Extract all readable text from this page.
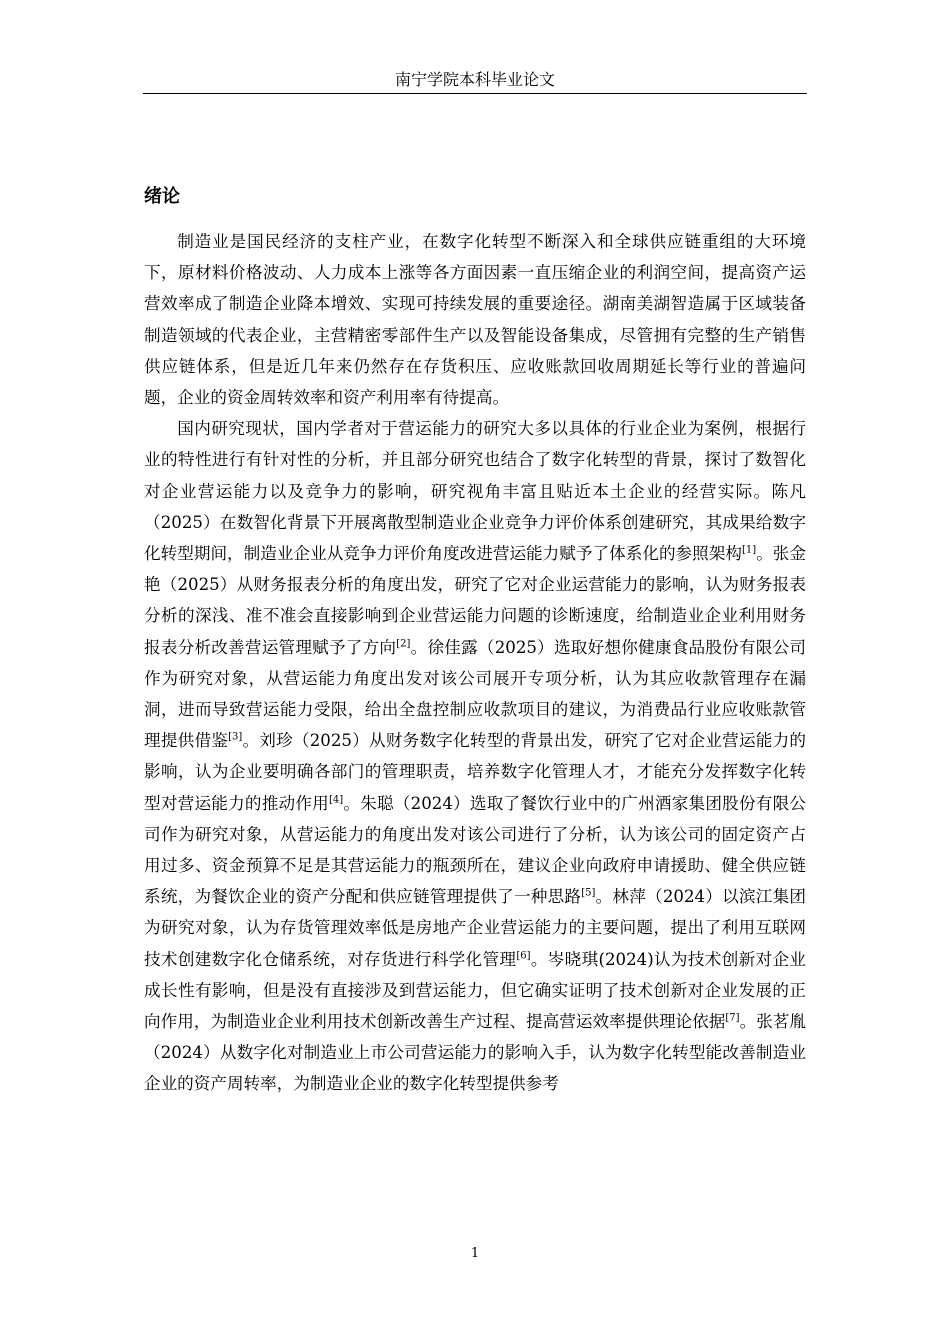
南宁学院本科毕业论文
绪论

制造业是国民经济的支柱产业，在数字化转型不断深入和全球供应链重组的大环境下，原材料价格波动、人力成本上涨等各方面因素一直压缩企业的利润空间，提高资产运营效率成了制造企业降本增效、实现可持续发展的重要途径。湖南美湖智造属于区域装备制造领域的代表企业，主营精密零部件生产以及智能设备集成，尽管拥有完整的生产销售供应链体系，但是近几年来仍然存在存货积压、应收账款回收周期延长等行业的普遍问题，企业的资金周转效率和资产利用率有待提高。

国内研究现状，国内学者对于营运能力的研究大多以具体的行业企业为案例，根据行业的特性进行有针对性的分析，并且部分研究也结合了数字化转型的背景，探讨了数智化对企业营运能力以及竞争力的影响，研究视角丰富且贴近本土企业的经营实际。陈凡（2025）在数智化背景下开展离散型制造业企业竞争力评价体系创建研究，其成果给数字化转型期间，制造业企业从竞争力评价角度改进营运能力赋予了体系化的参照架构[1]。张金艳（2025）从财务报表分析的角度出发，研究了它对企业运营能力的影响，认为财务报表分析的深浅、准不准会直接影响到企业营运能力问题的诊断速度，给制造业企业利用财务报表分析改善营运管理赋予了方向[2]。徐佳露（2025）选取好想你健康食品股份有限公司作为研究对象，从营运能力角度出发对该公司展开专项分析，认为其应收款管理存在漏洞，进而导致营运能力受限，给出全盘控制应收款项目的建议，为消费品行业应收账款管理提供借鉴[3]。刘珍（2025）从财务数字化转型的背景出发，研究了它对企业营运能力的影响，认为企业要明确各部门的管理职责，培养数字化管理人才，才能充分发挥数字化转型对营运能力的推动作用[4]。朱聪（2024）选取了餐饮行业中的广州酒家集团股份有限公司作为研究对象，从营运能力的角度出发对该公司进行了分析，认为该公司的固定资产占用过多、资金预算不足是其营运能力的瓶颈所在，建议企业向政府申请援助、健全供应链系统，为餐饮企业的资产分配和供应链管理提供了一种思路[5]。林萍（2024）以滨江集团为研究对象，认为存货管理效率低是房地产企业营运能力的主要问题，提出了利用互联网技术创建数字化仓储系统，对存货进行科学化管理[6]。岑晓琪(2024)认为技术创新对企业成长性有影响，但是没有直接涉及到营运能力，但它确实证明了技术创新对企业发展的正向作用，为制造业企业利用技术创新改善生产过程、提高营运效率提供理论依据[7]。张茗胤（2024）从数字化对制造业上市公司营运能力的影响入手，认为数字化转型能改善制造业企业的资产周转率，为制造业企业的数字化转型提供参考

1
